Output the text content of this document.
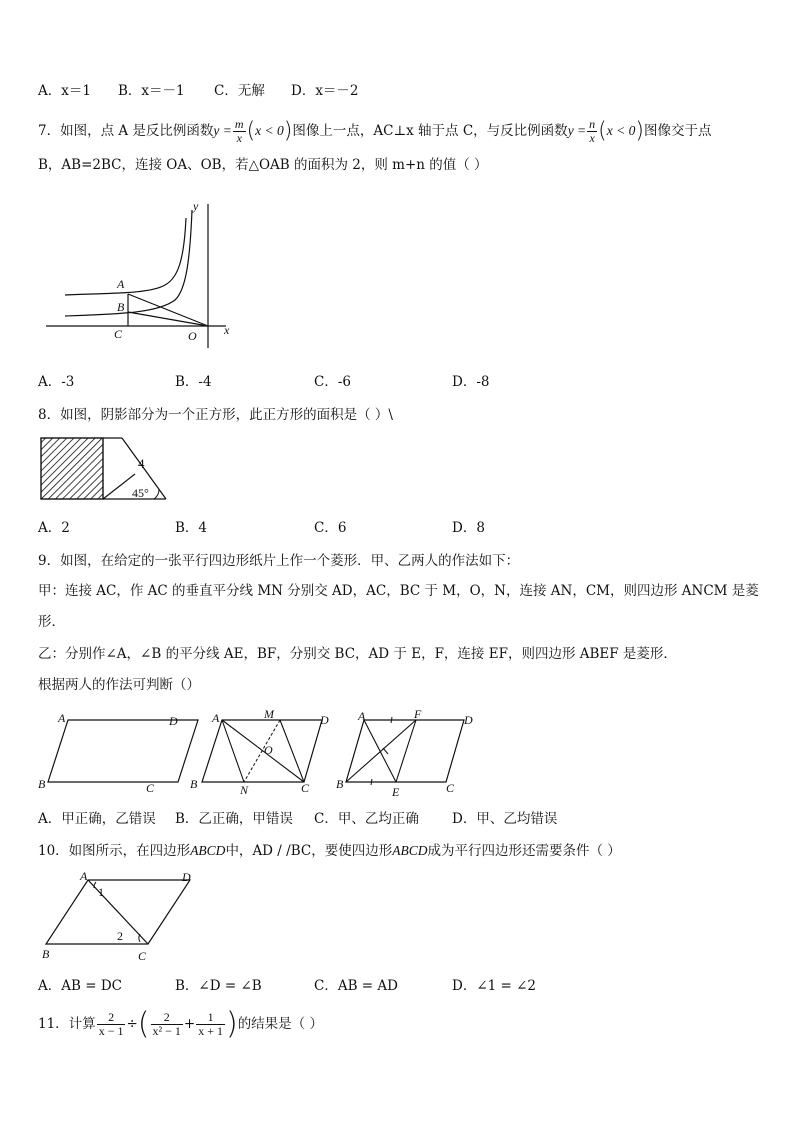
A．x＝1 B．x＝－1 C．无解 D．x＝－2
7．如图，点 A 是反比例函数$y = \frac{m}{x} (x < 0)$图像上一点，AC⊥x 轴于点 C，与反比例函数$y = \frac{n}{x} (x < 0)$图像交于点
B，AB=2BC，连接 OA、OB，若△OAB 的面积为 2，则 m+n 的值（ ）
y
A
B
C	O x
A．-3	B．-4	C．-6	D．-8
8．如图，阴影部分为一个正方形，此正方形的面积是（ ）\
4
45°
A．2	B．4	C．6	D．8
9．如图，在给定的一张平行四边形纸片上作一个菱形．甲、乙两人的作法如下：
甲：连接 AC，作 AC 的垂直平分线 MN 分别交 AD，AC，BC 于 M，O，N，连接 AN，CM，则四边形 ANCM 是菱
形．
乙：分别作∠A，∠B 的平分线 AE，BF，分别交 BC，AD 于 E，F，连接 EF，则四边形 ABEF 是菱形．
根据两人的作法可判断（）
A	D
B	C
A	M	D
O
B	N	C
A	F	D
B
E	C
A．甲正确，乙错误 B．乙正确，甲错误 C．甲、乙均正确 D．甲、乙均错误
10．如图所示，在四边形ABCD中，AD / /BC，要使四边形ABCD成为平行四边形还需要条件（ ）
A
1
D
2
B	C
A．AB = DC	B．∠D = ∠B	C．AB = AD	D．∠1 = ∠2
11．计算 $\frac{2}{x - 1}$ ÷( $\frac{2}{\text{x² − 1}} + \frac{1}{x + 1}$ )的结果是（ ）
